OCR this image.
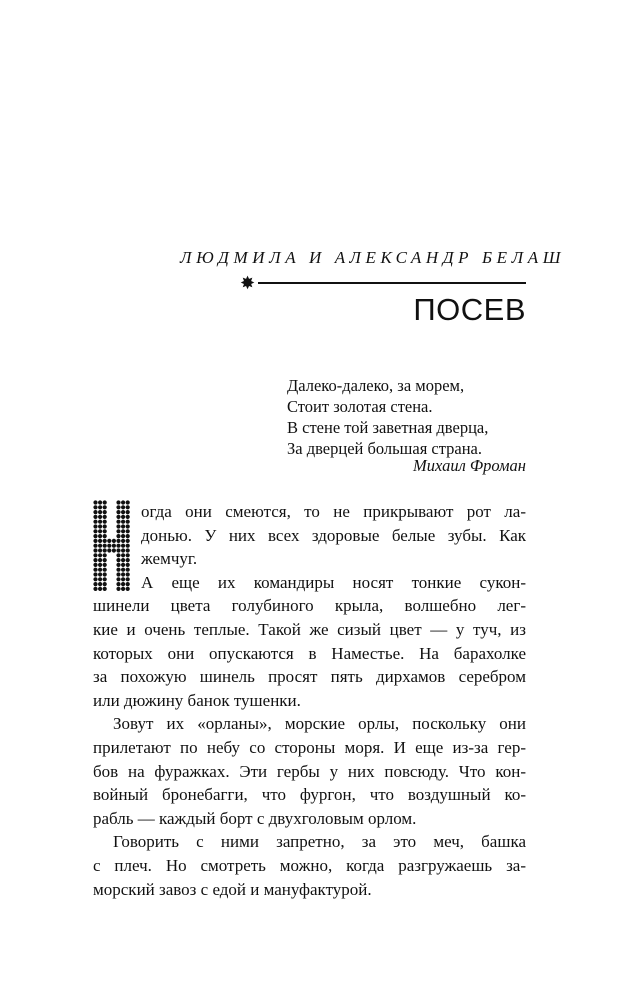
ЛЮДМИЛА И АЛЕКСАНДР БЕЛАШ
✸
ПОСЕВ
Далеко-далеко, за морем,
Стоит золотая стена.
В стене той заветная дверца,
За дверцей большая страна.
Михаил Фроман
огда они смеются, то не прикрывают рот ла-
донью. У них всех здоровые белые зубы. Как
жемчуг.
А еще их командиры носят тонкие сукон-
шинели цвета голубиного крыла, волшебно лег-
кие и очень теплые. Такой же сизый цвет — у туч, из
которых они опускаются в Наместье. На барахолке
за похожую шинель просят пять дирхамов серебром
или дюжину банок тушенки.
Зовут их «орланы», морские орлы, поскольку они
прилетают по небу со стороны моря. И еще из-за гер-
бов на фуражках. Эти гербы у них повсюду. Что кон-
войный бронебагги, что фургон, что воздушный ко-
рабль — каждый борт с двухголовым орлом.
Говорить с ними запретно, за это меч, башка
с плеч. Но смотреть можно, когда разгружаешь за-
морский завоз с едой и мануфактурой.
